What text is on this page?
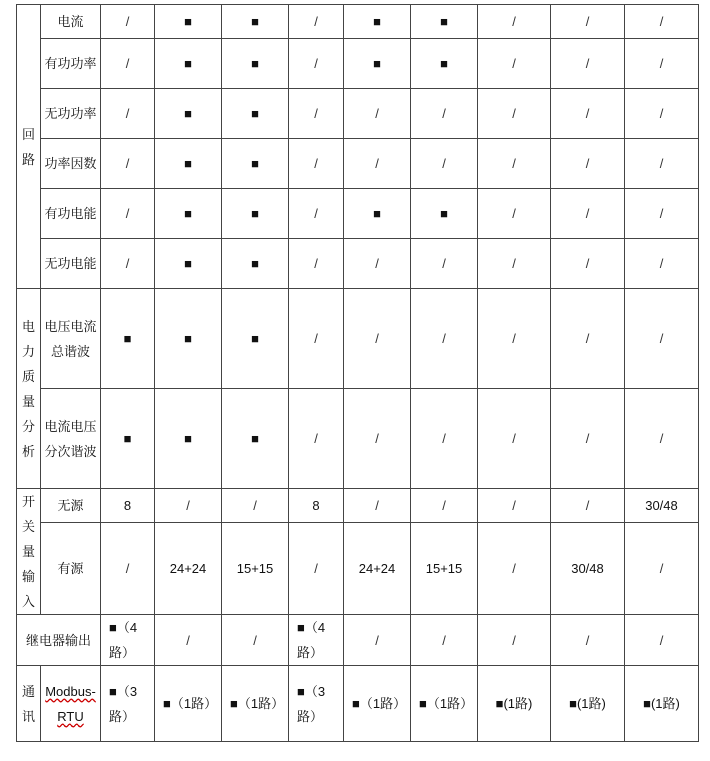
回路	电流	/	■	■	/	■	■	/	/	/

	有功功率	/	■	■	/	■	■	/	/	/

	无功功率	/	■	■	/	/	/	/	/	/

	功率因数	/	■	■	/	/	/	/	/	/

	有功电能	/	■	■	/	■	■	/	/	/

	无功电能	/	■	■	/	/	/	/	/	/

电力质量分析	电压电流总谐波	■	■	■	/	/	/	/	/	/

	电流电压分次谐波	■	■	■	/	/	/	/	/	/

开关量输入	无源	8	/	/	8	/	/	/	/	30/48

	有源	/	24+24	15+15	/	24+24	15+15	/	30/48	/
继电器输出		■（4路）	/	/	■（4路）	/	/	/	/	/

通讯	Modbus-RTU	■（3路）	■（1路）	■（1路）	■（3路）	■（1路）	■（1路）	■(1路)	■(1路)	■(1路)
